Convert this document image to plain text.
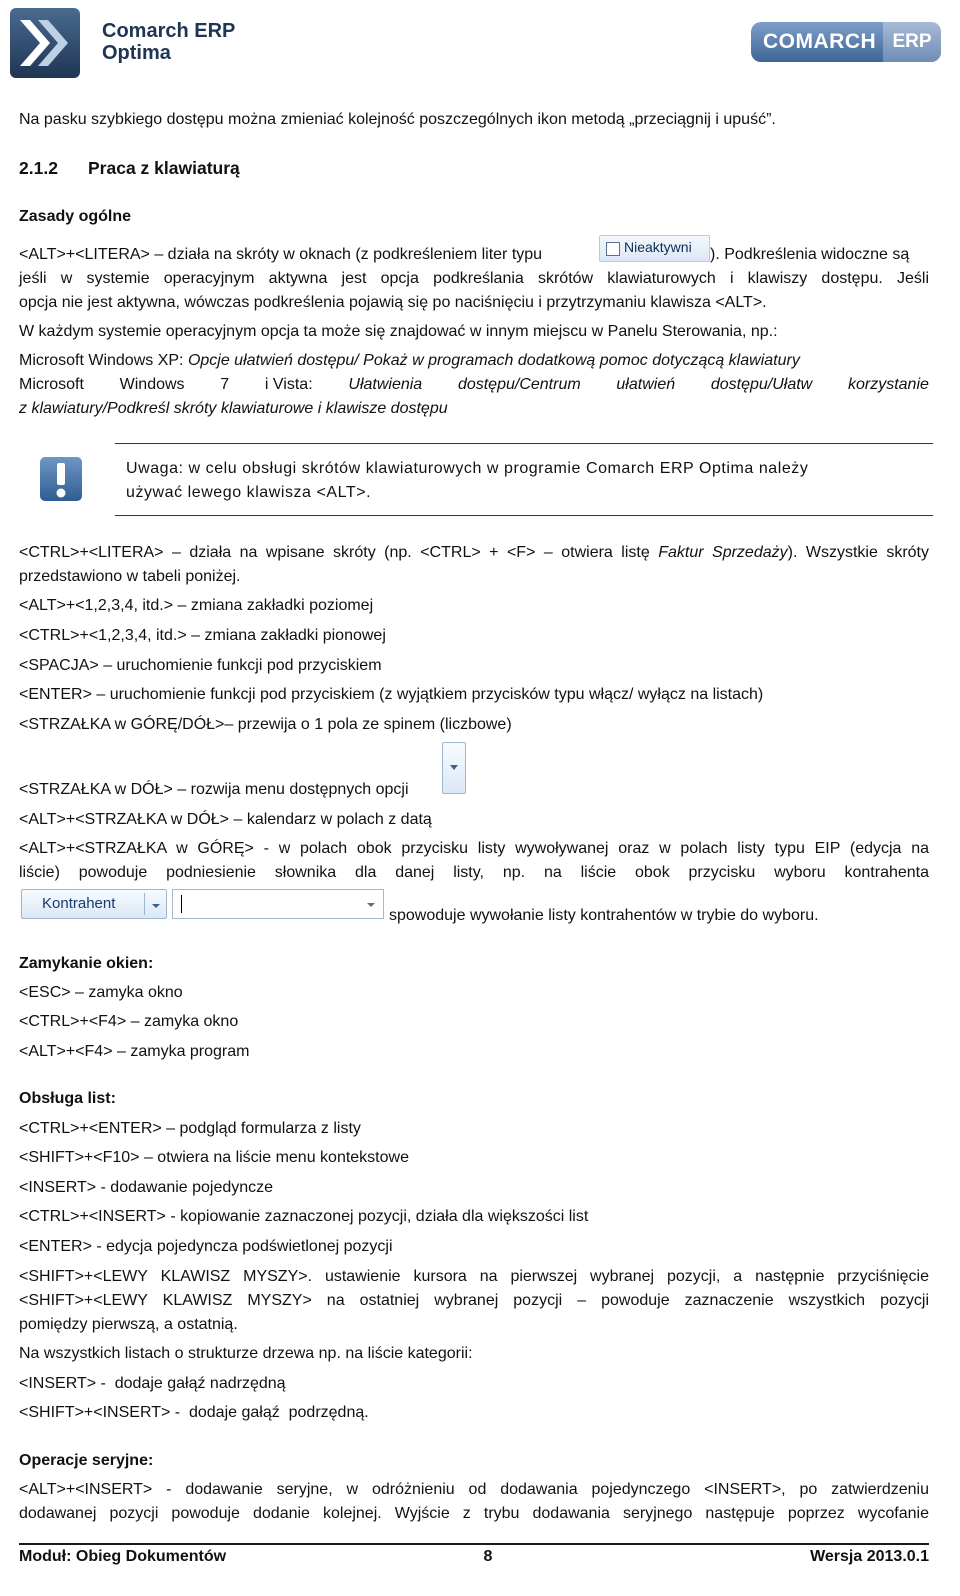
Comarch ERP
Optima	COMARCH ERP
Na pasku szybkiego dostępu można zmieniać kolejność poszczególnych ikon metodą „przeciągnij i upuść”.
2.1.2 Praca z klawiaturą
Zasady ogólne
<ALT>+<LITERA> – działa na skróty w oknach (z podkreśleniem liter typu	Nieaktywni ). Podkreślenia widoczne są
jeśli w systemie operacyjnym aktywna jest opcja podkreślania skrótów klawiaturowych i klawiszy dostępu. Jeśli
opcja nie jest aktywna, wówczas podkreślenia pojawią się po naciśnięciu i przytrzymaniu klawisza <ALT>.
W każdym systemie operacyjnym opcja ta może się znajdować w innym miejscu w Panelu Sterowania, np.:
Microsoft Windows XP: Opcje ułatwień dostępu/ Pokaż w programach dodatkową pomoc dotyczącą klawiatury
Microsoft Windows 7 i Vista: Ułatwienia dostępu/Centrum ułatwień dostępu/Ułatw korzystanie
z klawiatury/Podkreśl skróty klawiaturowe i klawisze dostępu
Uwaga: w celu obsługi skrótów klawiaturowych w programie Comarch ERP Optima należy
używać lewego klawisza <ALT>.
<CTRL>+<LITERA> – działa na wpisane skróty (np. <CTRL> + <F> – otwiera listę Faktur Sprzedaży). Wszystkie skróty
przedstawiono w tabeli poniżej.
<ALT>+<1,2,3,4, itd.> – zmiana zakładki poziomej
<CTRL>+<1,2,3,4, itd.> – zmiana zakładki pionowej
<SPACJA> – uruchomienie funkcji pod przyciskiem
<ENTER> – uruchomienie funkcji pod przyciskiem (z wyjątkiem przycisków typu włącz/ wyłącz na listach)
<STRZAŁKA w GÓRĘ/DÓŁ>– przewija o 1 pola ze spinem (liczbowe)
<STRZAŁKA w DÓŁ> – rozwija menu dostępnych opcji
<ALT>+<STRZAŁKA w DÓŁ> – kalendarz w polach z datą
<ALT>+<STRZAŁKA w GÓRĘ> - w polach obok przycisku listy wywoływanej oraz w polach listy typu EIP (edycja na
liście) powoduje podniesienie słownika dla danej listy, np. na liście obok przycisku wyboru kontrahenta
Kontrahent
spowoduje wywołanie listy kontrahentów w trybie do wyboru.
Zamykanie okien:
<ESC> – zamyka okno
<CTRL>+<F4> – zamyka okno
<ALT>+<F4> – zamyka program
Obsługa list:
<CTRL>+<ENTER> – podgląd formularza z listy
<SHIFT>+<F10> – otwiera na liście menu kontekstowe
<INSERT> - dodawanie pojedyncze
<CTRL>+<INSERT> - kopiowanie zaznaczonej pozycji, działa dla większości list
<ENTER> - edycja pojedyncza podświetlonej pozycji
<SHIFT>+<LEWY KLAWISZ MYSZY>. ustawienie kursora na pierwszej wybranej pozycji, a następnie przyciśnięcie
<SHIFT>+<LEWY KLAWISZ MYSZY> na ostatniej wybranej pozycji – powoduje zaznaczenie wszystkich pozycji
pomiędzy pierwszą, a ostatnią.
Na wszystkich listach o strukturze drzewa np. na liście kategorii:
<INSERT> -  dodaje gałąź nadrzędną
<SHIFT>+<INSERT> -  dodaje gałąź  podrzędną.
Operacje seryjne:
<ALT>+<INSERT> - dodawanie seryjne, w odróżnieniu od dodawania pojedynczego <INSERT>, po zatwierdzeniu
dodawanej pozycji powoduje dodanie kolejnej. Wyjście z trybu dodawania seryjnego następuje poprzez wycofanie
Moduł: Obieg Dokumentów	8	Wersja 2013.0.1
